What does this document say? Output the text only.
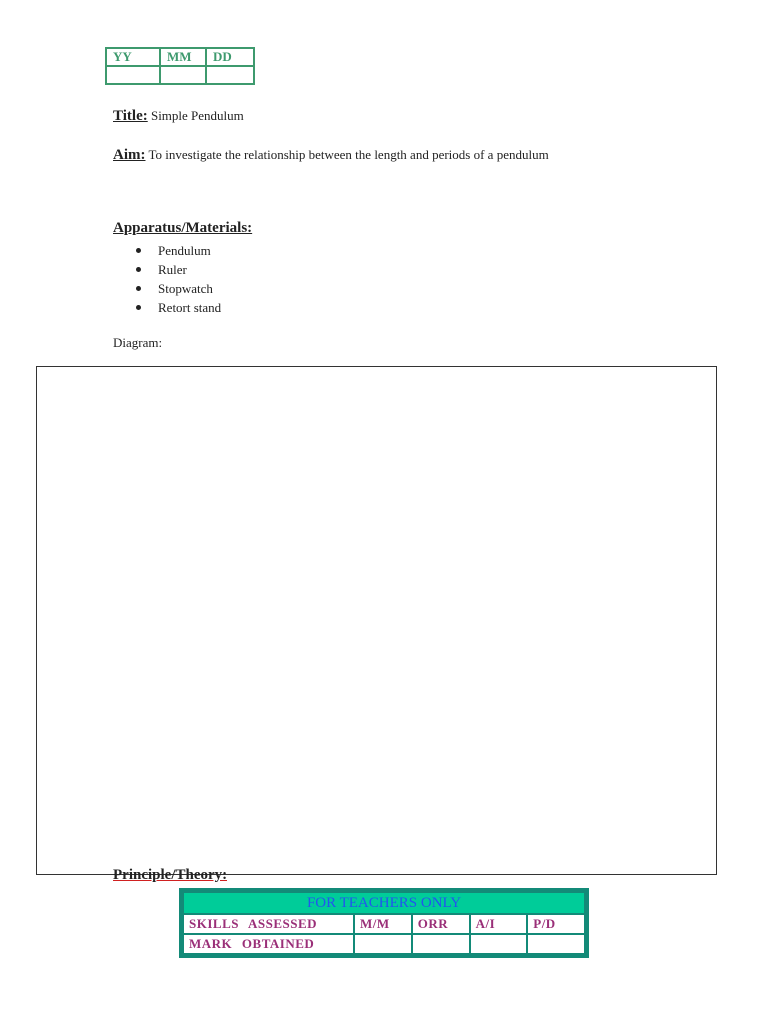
YY	MM	DD

Title: Simple Pendulum
Aim: To investigate the relationship between the length and periods of a pendulum
Apparatus/Materials:
Pendulum
Ruler
Stopwatch
Retort stand
Diagram:
Principle/Theory:
FOR TEACHERS ONLY				
SKILLS ASSESSED	M/M	ORR	A/I	P/D
MARK OBTAINED				
